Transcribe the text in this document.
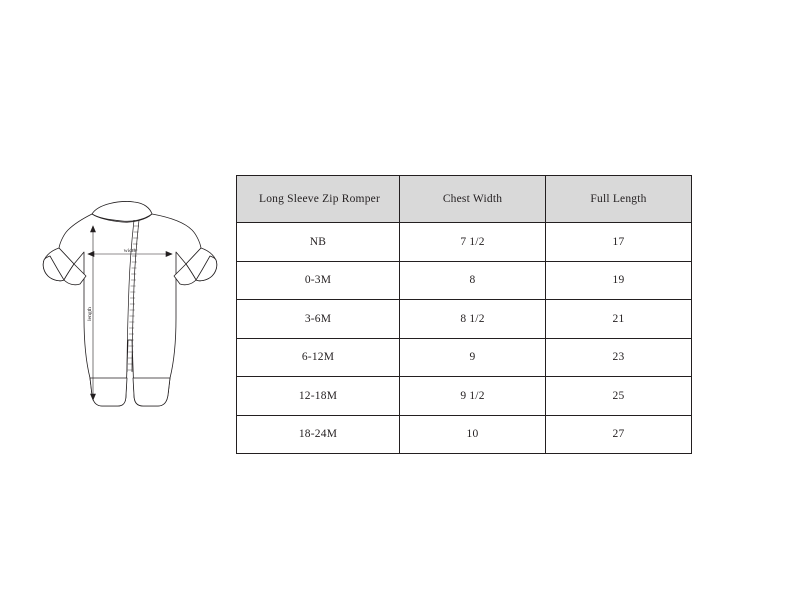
width
length
Long Sleeve Zip Romper	Chest Width	Full Length
NB	7 1/2	17
0-3M	8	19
3-6M	8 1/2	21
6-12M	9	23
12-18M	9 1/2	25
18-24M	10	27
